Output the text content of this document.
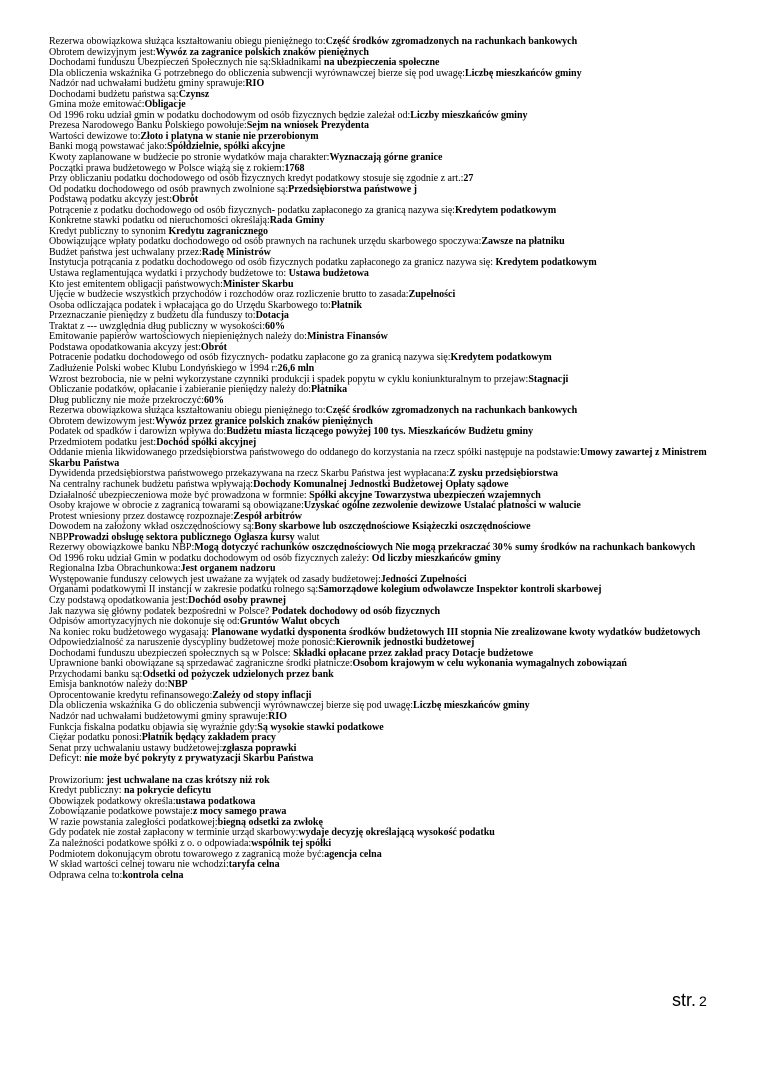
Rezerwa obowiązkowa służąca kształtowaniu obiegu pieniężnego to:Część środków zgromadzonych na rachunkach bankowych
Obrotem dewizyjnym jest:Wywóz za zagranice polskich znaków pieniężnych
Dochodami funduszu Ubezpieczeń Społecznych nie są:Składnikami na ubezpieczenia społeczne
Dla obliczenia wskaźnika G potrzebnego do obliczenia subwencji wyrównawczej bierze się pod uwagę:Liczbę mieszkańców gminy
Nadzór nad uchwałami budżetu gminy sprawuje:RIO
Dochodami budżetu państwa są:Czynsz
Gmina może emitować:Obligacje
Od 1996 roku udział gmin w podatku dochodowym od osób fizycznych będzie zależał od:Liczby mieszkańców gminy
Prezesa Narodowego Banku Polskiego powołuje:Sejm na wniosek Prezydenta
Wartości dewizowe to:Złoto i platyna w stanie nie przerobionym
Banki mogą powstawać jako:Spółdzielnie, spółki akcyjne
Kwoty zaplanowane w budżecie po stronie wydatków maja charakter:Wyznaczają górne granice
Początki prawa budżetowego w Polsce wiążą się z rokiem:1768
Przy obliczaniu podatku dochodowego od osób fizycznych kredyt podatkowy stosuje się zgodnie z art.:27
Od podatku dochodowego od osób prawnych zwolnione są:Przedsiębiorstwa państwowe j
Podstawą podatku akcyzy jest:Obrót
Potrącenie z podatku dochodowego od osób fizycznych- podatku zapłaconego za granicą nazywa się:Kredytem podatkowym
Konkretne stawki podatku od nieruchomości określają:Rada Gminy
Kredyt publiczny to synonim Kredytu zagranicznego
Obowiązujące wpłaty podatku dochodowego od osób prawnych na rachunek urzędu skarbowego spoczywa:Zawsze na płatniku
Budżet państwa jest uchwalany przez:Radę Ministrów
Instytucja potrącania z podatku dochodowego od osób fizycznych podatku zapłaconego za granicz nazywa się: Kredytem podatkowym
Ustawa reglamentująca wydatki i przychody budżetowe to: Ustawa budżetowa
Kto jest emitentem obligacji państwowych:Minister Skarbu
Ujęcie w budżecie wszystkich przychodów i rozchodów oraz rozliczenie brutto to zasada:Zupełności
Osoba odliczająca podatek i wpłacająca go do Urzędu Skarbowego to:Płatnik
Przeznaczanie pieniędzy z budżetu dla funduszy to:Dotacja
Traktat z --- uwzględnia dług publiczny w wysokości:60%
Emitowanie papierów wartościowych niepieniężnych należy do:Ministra Finansów
Podstawa opodatkowania akcyzy jest:Obrót
Potracenie podatku dochodowego od osób fizycznych- podatku zapłacone go za granicą nazywa się:Kredytem podatkowym
Zadłużenie Polski wobec Klubu Londyńskiego w 1994 r:26,6 mln
Wzrost bezrobocia, nie w pełni wykorzystane czynniki produkcji i spadek popytu w cyklu koniunkturalnym to przejaw:Stagnacji
Obliczanie podatków, opłacanie i zabieranie pieniędzy należy do:Płatnika
Dług publiczny nie może przekroczyć:60%
Rezerwa obowiązkowa służąca kształtowaniu obiegu pieniężnego to:Część środków zgromadzonych na rachunkach bankowych
Obrotem dewizowym jest:Wywóz przez granice polskich znaków pieniężnych
Podatek od spadków i darowizn wpływa do:Budżetu miasta liczącego powyżej 100 tys. Mieszkańców Budżetu gminy
Przedmiotem podatku jest:Dochód spółki akcyjnej
Oddanie mienia likwidowanego przedsiębiorstwa państwowego do oddanego do korzystania na rzecz spółki następuje na podstawie:Umowy zawartej z Ministrem Skarbu Państwa
Dywidenda przedsiębiorstwa państwowego przekazywana na rzecz Skarbu Państwa jest wypłacana:Z zysku przedsiębiorstwa
Na centralny rachunek budżetu państwa wpływają:Dochody Komunalnej Jednostki Budżetowej Opłaty sądowe
Działalność ubezpieczeniowa może być prowadzona w formnie: Spółki akcyjne Towarzystwa ubezpieczeń wzajemnych
Osoby krajowe w obrocie z zagranicą towarami są obowiązane:Uzyskać ogólne zezwolenie dewizowe Ustalać płatności w walucie
Protest wniesiony przez dostawcę rozpoznaje:Zespół arbitrów
Dowodem na założony wkład oszczędnościowy są:Bony skarbowe lub oszczędnościowe Książeczki oszczędnościowe
NBPProwadzi obsługę sektora publicznego Ogłasza kursy walut
Rezerwy obowiązkowe banku NBP:Mogą dotyczyć rachunków oszczędnościowych Nie mogą przekraczać 30% sumy środków na rachunkach bankowych
Od 1996 roku udział Gmin w podatku dochodowym od osób fizycznych zależy: Od liczby mieszkańców gminy
Regionalna Izba Obrachunkowa:Jest organem nadzoru
Występowanie funduszy celowych jest uważane za wyjątek od zasady budżetowej:Jedności Zupełności
Organami podatkowymi II instancji w zakresie podatku rolnego są:Samorządowe kolegium odwoławcze Inspektor kontroli skarbowej
Czy podstawą opodatkowania jest:Dochód osoby prawnej
Jak nazywa się główny podatek bezpośredni w Polsce? Podatek dochodowy od osób fizycznych
Odpisów amortyzacyjnych nie dokonuje się od:Gruntów Walut obcych
Na koniec roku budżetowego wygasają: Planowane wydatki dysponenta środków budżetowych III stopnia Nie zrealizowane kwoty wydatków budżetowych
Odpowiedzialność za naruszenie dyscypliny budżetowej może ponosić:Kierownik jednostki budżetowej
Dochodami funduszu ubezpieczeń społecznych są w Polsce: Składki opłacane przez zakład pracy Dotacje budżetowe
Uprawnione banki obowiązane są sprzedawać zagraniczne środki płatnicze:Osobom krajowym w celu wykonania wymagalnych zobowiązań
Przychodami banku są:Odsetki od pożyczek udzielonych przez bank
Emisja banknotów należy do:NBP
Oprocentowanie kredytu refinansowego:Zależy od stopy inflacji
Dla obliczenia wskaźnika G do obliczenia subwencji wyrównawczej bierze się pod uwagę:Liczbę mieszkańców gminy
Nadzór nad uchwałami budżetowymi gminy sprawuje:RIO
Funkcja fiskalna podatku objawia się wyraźnie gdy:Są wysokie stawki podatkowe
Ciężar podatku ponosi:Płatnik będący zakładem pracy
Senat przy uchwalaniu ustawy budżetowej:zgłasza poprawki
Deficyt: nie może być pokryty z prywatyzacji Skarbu Państwa
Prowizorium: jest uchwalane na czas krótszy niż rok
Kredyt publiczny: na pokrycie deficytu
Obowiązek podatkowy określa:ustawa podatkowa
Zobowiązanie podatkowe powstaje:z mocy samego prawa
W razie powstania zaległości podatkowej:biegną odsetki za zwłokę
Gdy podatek nie został zapłacony w terminie urząd skarbowy:wydaje decyzję określającą wysokość podatku
Za należności podatkowe spółki z o. o odpowiada:wspólnik tej spółki
Podmiotem dokonującym obrotu towarowego z zagranicą może być:agencja celna
W skład wartości celnej towaru nie wchodzi:taryfa celna
Odprawa celna to:kontrola celna
str. 2
